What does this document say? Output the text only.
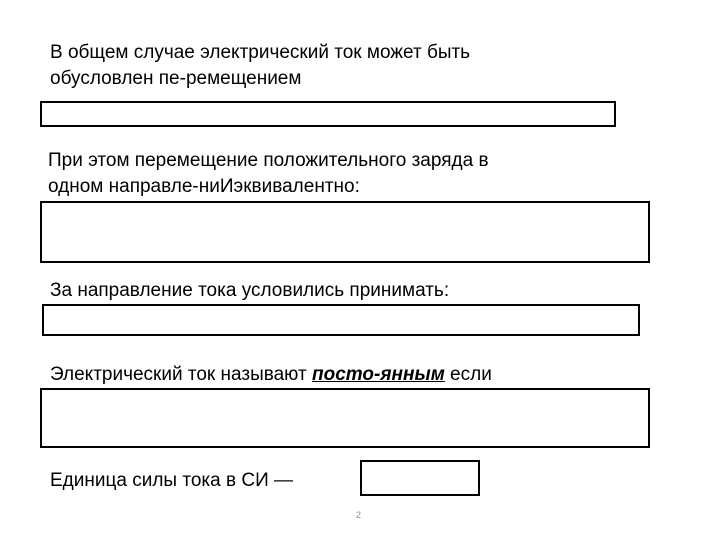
В общем случае электрический ток может быть
обусловлен пе-ремещением
При этом перемещение положительного заряда в
одном направле-ниИэквивалентно:
За направление тока условились принимать:
Электрический ток называют посто-янным если
Единица силы тока в СИ —
2
